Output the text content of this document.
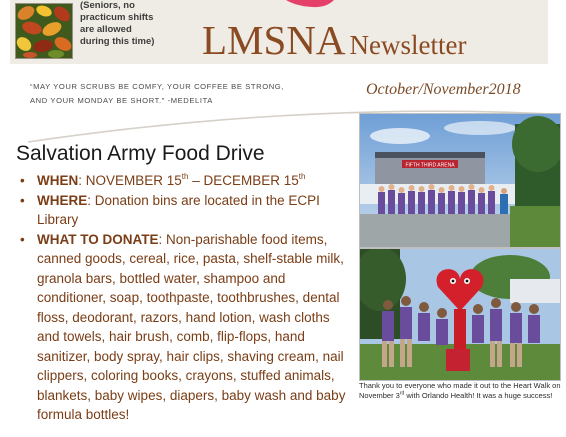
(Seniors, no
practicum shifts
are allowed
during this time)	LMSNA Newsletter
“MAY YOUR SCRUBS BE COMFY, YOUR COFFEE BE STRONG,
AND YOUR MONDAY BE SHORT.” -MEDELITA
October/November2018
Salvation Army Food Drive
• WHEN: NOVEMBER 15th – DECEMBER 15th
• WHERE: Donation bins are located in the ECPI Library
• WHAT TO DONATE: Non-parishable food items, canned goods, cereal, rice, pasta, shelf-stable milk, granola bars, bottled water, shampoo and conditioner, soap, toothpaste, toothbrushes, dental floss, deodorant, razors, hand lotion, wash cloths and towels, hair brush, comb, flip-flops, hand sanitizer, body spray, hair clips, shaving cream, nail clippers, coloring books, crayons, stuffed animals, blankets, baby wipes, diapers, baby wash and baby formula bottles!
FIFTH THIRD ARENA
Thank you to everyone who made it out to the Heart Walk on November 3rd with Orlando Health! It was a huge success!
